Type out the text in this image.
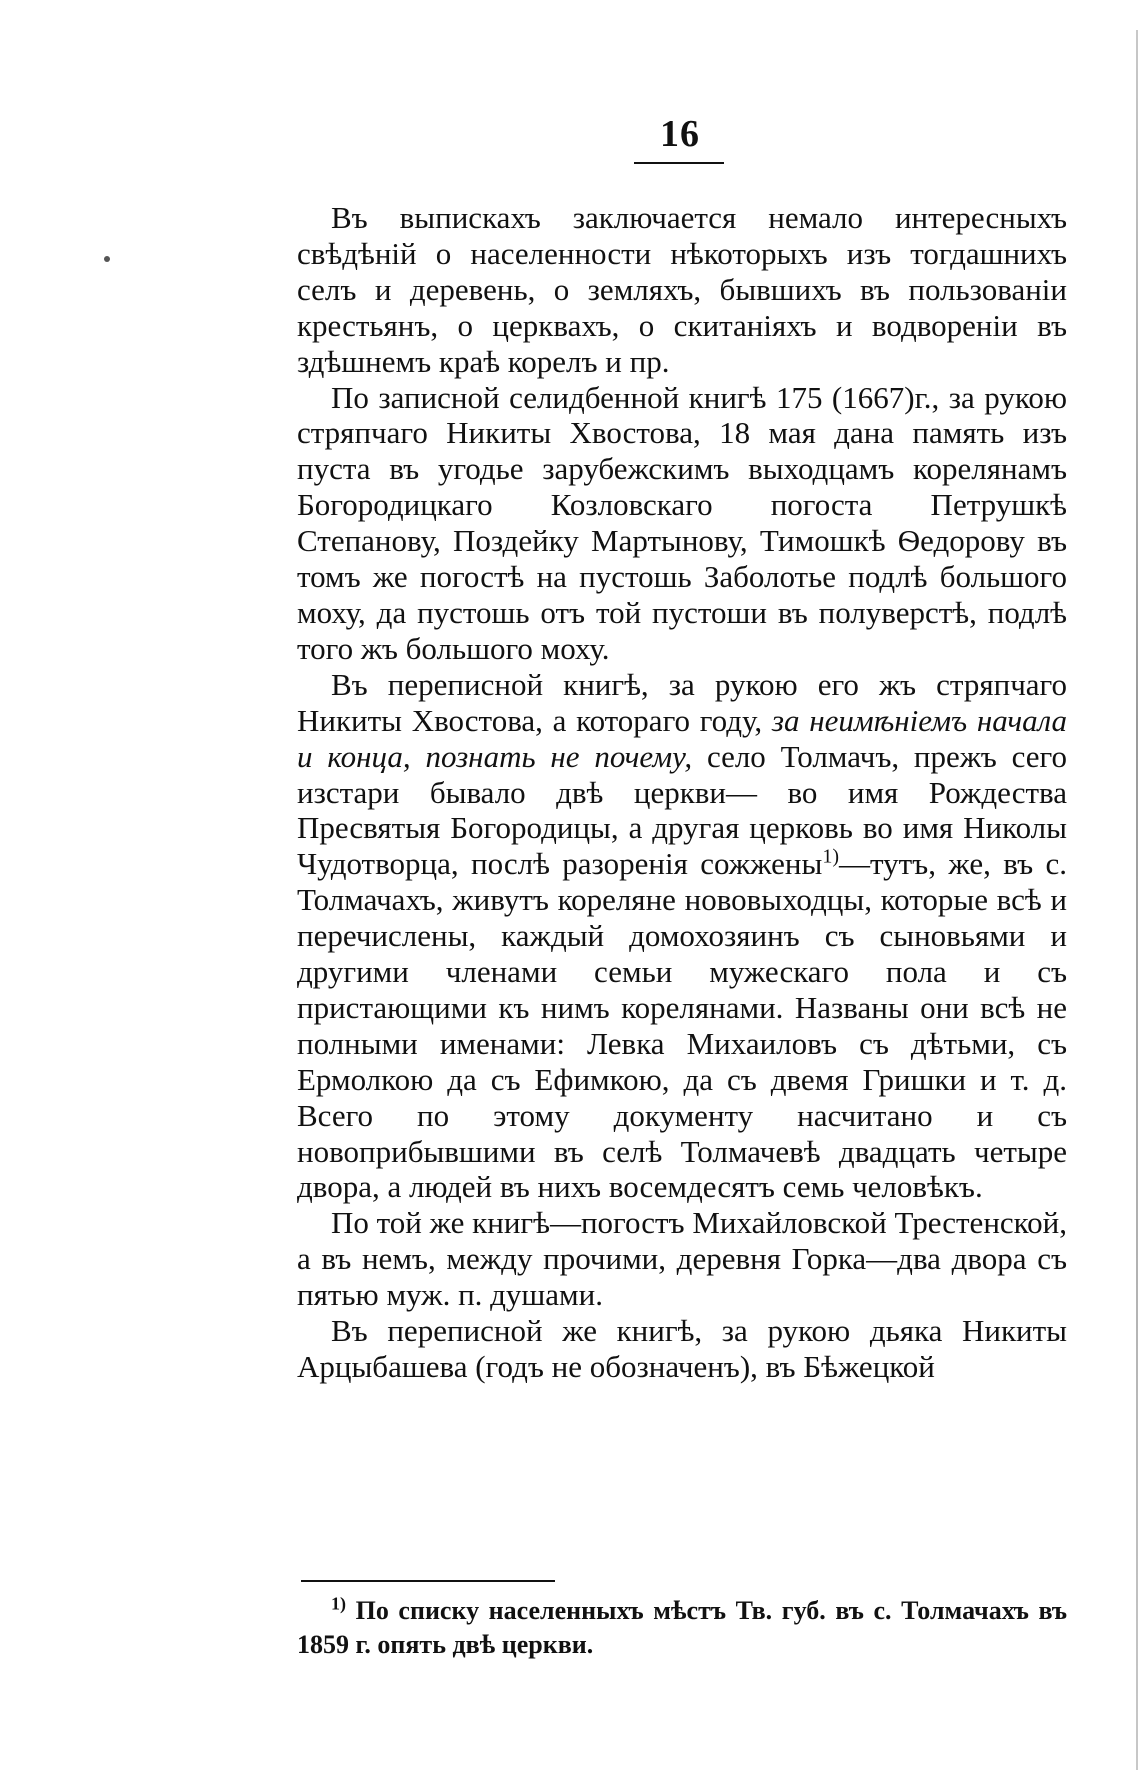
16

Въ выпискахъ заключается немало интересныхъ свѣдѣній о населенности нѣкоторыхъ изъ тогдашнихъ селъ и деревень, о земляхъ, бывшихъ въ пользованіи крестьянъ, о церквахъ, о скитаніяхъ и водвореніи въ здѣшнемъ краѣ корелъ и пр.

По записной селидбенной книгѣ 175 (1667)г., за рукою стряпчаго Никиты Хвостова, 18 мая дана память изъ пуста въ угодье зарубежскимъ выходцамъ корелянамъ Богородицкаго Козловскаго погоста Петрушкѣ Степанову, Поздейку Мартынову, Тимошкѣ Ѳедорову въ томъ же погостѣ на пустошь Заболотье подлѣ большого моху, да пустошь отъ той пустоши въ полуверстѣ, подлѣ того жъ большого моху.

Въ переписной книгѣ, за рукою его жъ стряпчаго Никиты Хвостова, а котораго году, за неимѣніемъ начала и конца, познать не почему, село Толмачъ, прежъ сего изстари бывало двѣ церкви— во имя Рождества Пресвятыя Богородицы, а другая церковь во имя Николы Чудотворца, послѣ разоренія сожжены$^{1)}$—тутъ, же, въ с. Толмачахъ, живутъ кореляне нововыходцы, которые всѣ и перечислены, каждый домохозяинъ съ сыновьями и другими членами семьи мужескаго пола и съ пристающими къ нимъ корелянами. Названы они всѣ не полными именами: Левка Михаиловъ съ дѣтьми, съ Ермолкою да съ Ефимкою, да съ двемя Гришки и т. д. Всего по этому документу насчитано и съ новоприбывшими въ селѣ Толмачевѣ двадцать четыре двора, а людей въ нихъ восемдесятъ семь человѣкъ.

По той же книгѣ—погостъ Михайловской Трестенской, а въ немъ, между прочими, деревня Горка—два двора съ пятью муж. п. душами.

Въ переписной же книгѣ, за рукою дьяка Никиты Арцыбашева (годъ не обозначенъ), въ Бѣжецкой

$^{1)}$ По списку населенныхъ мѣстъ Тв. губ. въ с. Толмачахъ въ 1859 г. опять двѣ церкви.
